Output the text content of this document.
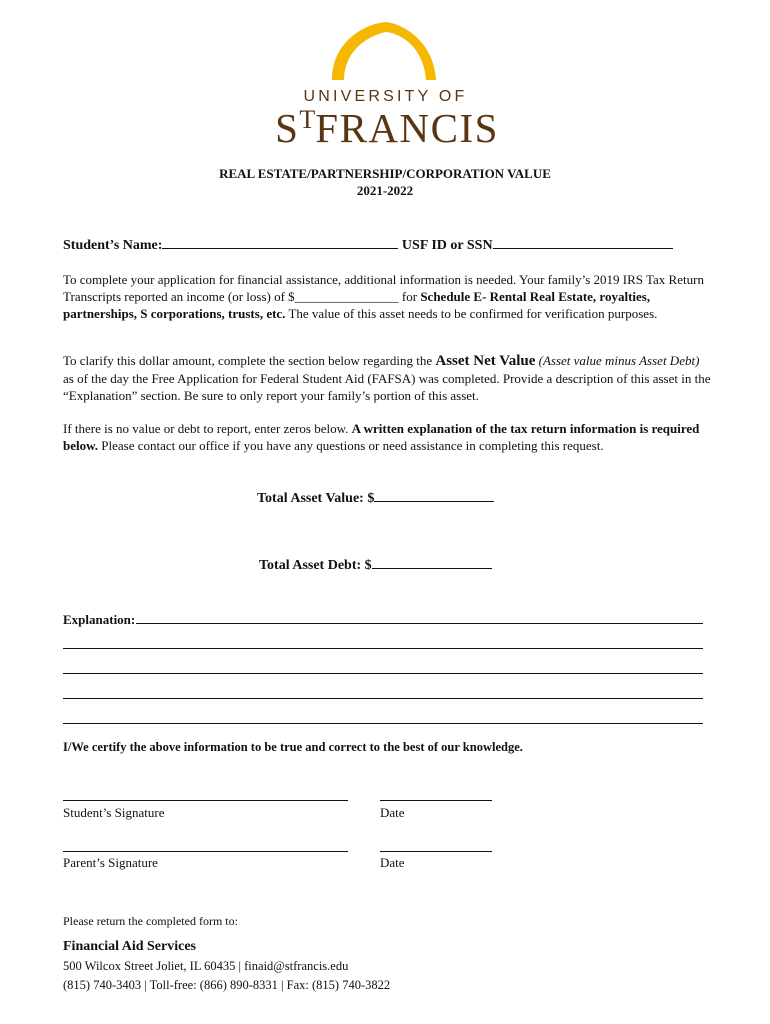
UNIVERSITY OF
$S^TFRANCIS$
REAL ESTATE/PARTNERSHIP/CORPORATION VALUE
2021-2022
Student’s Name:	USF ID or SSN
To complete your application for financial assistance, additional information is needed. Your family’s 2019 IRS Tax Return Transcripts reported an income (or loss) of $________________ for Schedule E- Rental Real Estate, royalties, partnerships, S corporations, trusts, etc. The value of this asset needs to be confirmed for verification purposes.
To clarify this dollar amount, complete the section below regarding the Asset Net Value (Asset value minus Asset Debt) as of the day the Free Application for Federal Student Aid (FAFSA) was completed. Provide a description of this asset in the “Explanation” section. Be sure to only report your family’s portion of this asset.
If there is no value or debt to report, enter zeros below. A written explanation of the tax return information is required below. Please contact our office if you have any questions or need assistance in completing this request.
Total Asset Value: $
Total Asset Debt: $
Explanation:
I/We certify the above information to be true and correct to the best of our knowledge.
Student’s Signature	Date
Parent’s Signature	Date
Please return the completed form to:
Financial Aid Services
500 Wilcox Street Joliet, IL 60435 | finaid@stfrancis.edu
(815) 740-3403 | Toll-free: (866) 890-8331 | Fax: (815) 740-3822
